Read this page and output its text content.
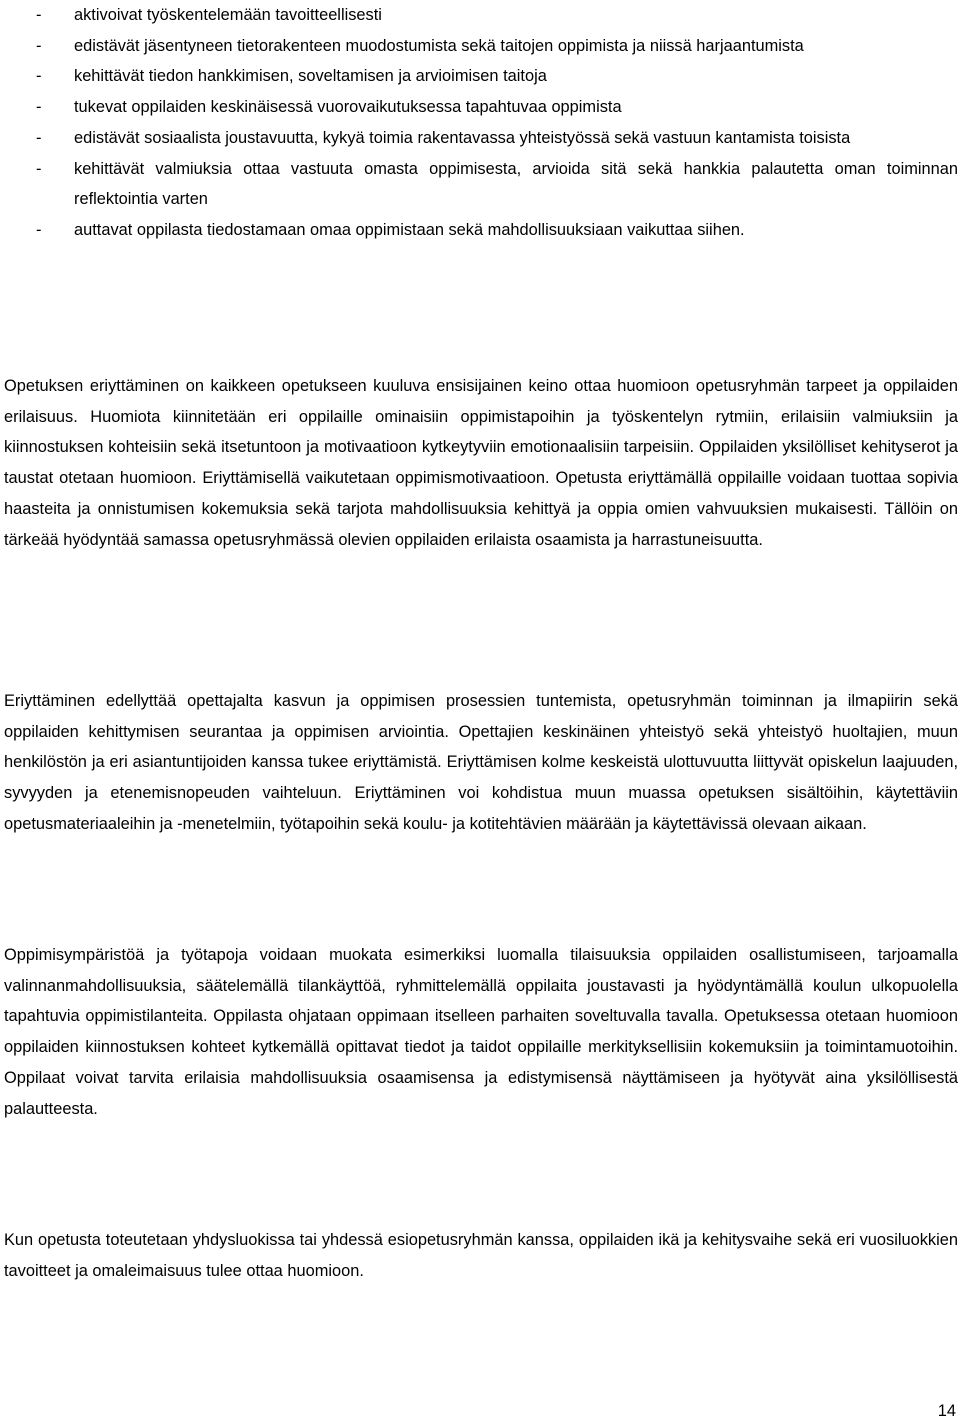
- aktivoivat työskentelemään tavoitteellisesti
- edistävät jäsentyneen tietorakenteen muodostumista sekä taitojen oppimista ja niissä harjaantumista
- kehittävät tiedon hankkimisen, soveltamisen ja arvioimisen taitoja
- tukevat oppilaiden keskinäisessä vuorovaikutuksessa tapahtuvaa oppimista
- edistävät sosiaalista joustavuutta, kykyä toimia rakentavassa yhteistyössä sekä vastuun kantamista toisista
- kehittävät valmiuksia ottaa vastuuta omasta oppimisesta, arvioida sitä sekä hankkia palautetta oman toiminnan reflektointia varten
- auttavat oppilasta tiedostamaan omaa oppimistaan sekä mahdollisuuksiaan vaikuttaa siihen.

Opetuksen eriyttäminen on kaikkeen opetukseen kuuluva ensisijainen keino ottaa huomioon opetusryhmän tarpeet ja oppilaiden erilaisuus. Huomiota kiinnitetään eri oppilaille ominaisiin oppimistapoihin ja työskentelyn rytmiin, erilaisiin valmiuksiin ja kiinnostuksen kohteisiin sekä itsetuntoon ja motivaatioon kytkeytyviin emotionaalisiin tarpeisiin. Oppilaiden yksilölliset kehityserot ja taustat otetaan huomioon. Eriyttämisellä vaikutetaan oppimismotivaatioon. Opetusta eriyttämällä oppilaille voidaan tuottaa sopivia haasteita ja onnistumisen kokemuksia sekä tarjota mahdollisuuksia kehittyä ja oppia omien vahvuuksien mukaisesti. Tällöin on tärkeää hyödyntää samassa opetusryhmässä olevien oppilaiden erilaista osaamista ja harrastuneisuutta.

Eriyttäminen edellyttää opettajalta kasvun ja oppimisen prosessien tuntemista, opetusryhmän toiminnan ja ilmapiirin sekä oppilaiden kehittymisen seurantaa ja oppimisen arviointia. Opettajien keskinäinen yhteistyö sekä yhteistyö huoltajien, muun henkilöstön ja eri asiantuntijoiden kanssa tukee eriyttämistä. Eriyttämisen kolme keskeistä ulottuvuutta liittyvät opiskelun laajuuden, syvyyden ja etenemisnopeuden vaihteluun. Eriyttäminen voi kohdistua muun muassa opetuksen sisältöihin, käytettäviin opetusmateriaaleihin ja -menetelmiin, työtapoihin sekä koulu- ja kotitehtävien määrään ja käytettävissä olevaan aikaan.

Oppimisympäristöä ja työtapoja voidaan muokata esimerkiksi luomalla tilaisuuksia oppilaiden osallistumiseen, tarjoamalla valinnanmahdollisuuksia, säätelemällä tilankäyttöä, ryhmittelemällä oppilaita joustavasti ja hyödyntämällä koulun ulkopuolella tapahtuvia oppimistilanteita. Oppilasta ohjataan oppimaan itselleen parhaiten soveltuvalla tavalla. Opetuksessa otetaan huomioon oppilaiden kiinnostuksen kohteet kytkemällä opittavat tiedot ja taidot oppilaille merkityksellisiin kokemuksiin ja toimintamuotoihin. Oppilaat voivat tarvita erilaisia mahdollisuuksia osaamisensa ja edistymisensä näyttämiseen ja hyötyvät aina yksilöllisestä palautteesta.

Kun opetusta toteutetaan yhdysluokissa tai yhdessä esiopetusryhmän kanssa, oppilaiden ikä ja kehitysvaihe sekä eri vuosiluokkien tavoitteet ja omaleimaisuus tulee ottaa huomioon.

14
